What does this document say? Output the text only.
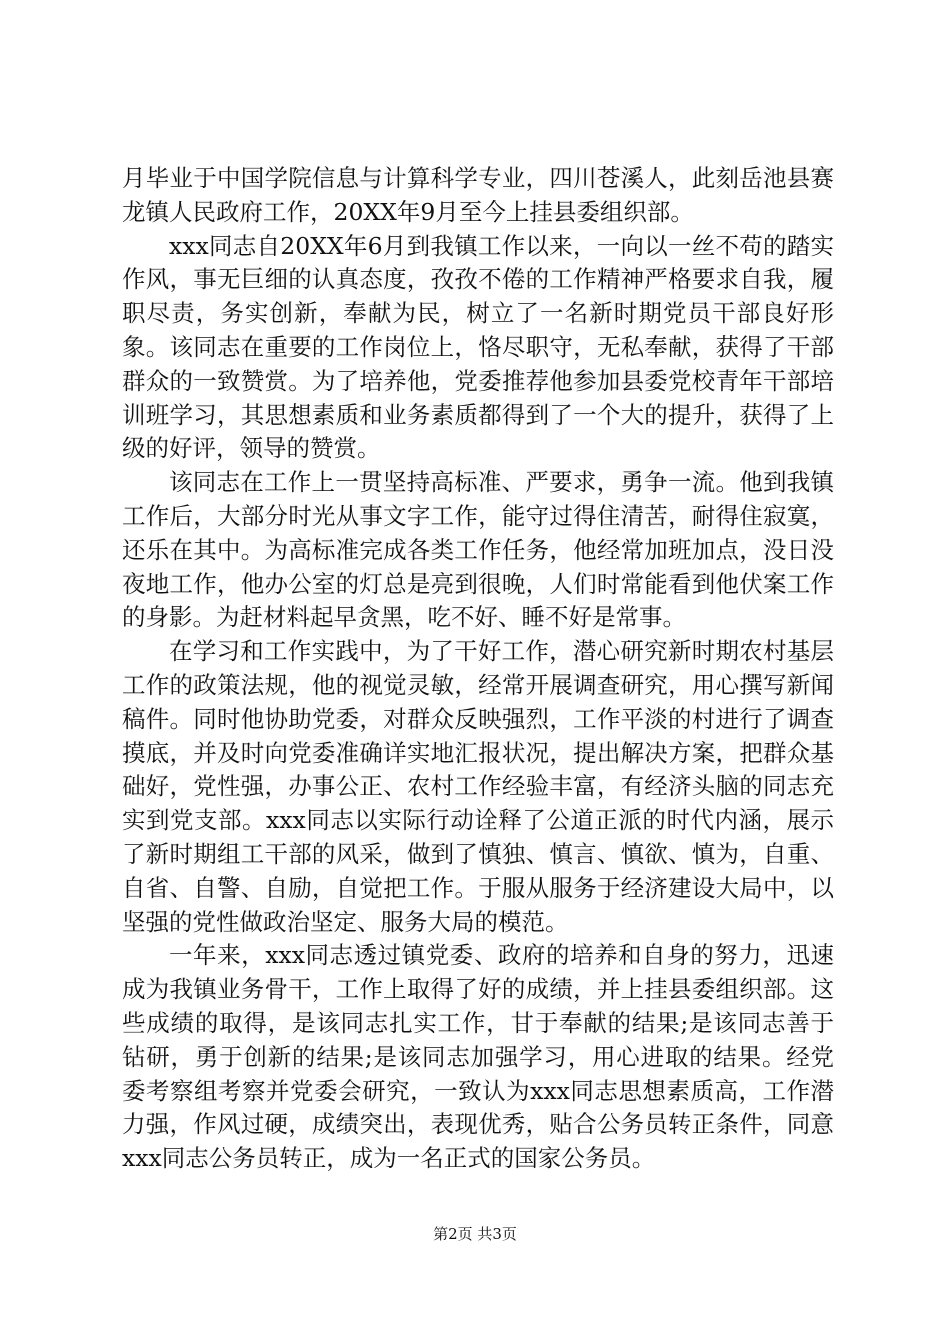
月毕业于中国学院信息与计算科学专业，四川苍溪人，此刻岳池县赛龙镇人民政府工作，20XX年9月至今上挂县委组织部。

xxx同志自20XX年6月到我镇工作以来，一向以一丝不苟的踏实作风，事无巨细的认真态度，孜孜不倦的工作精神严格要求自我，履职尽责，务实创新，奉献为民，树立了一名新时期党员干部良好形象。该同志在重要的工作岗位上，恪尽职守，无私奉献，获得了干部群众的一致赞赏。为了培养他，党委推荐他参加县委党校青年干部培训班学习，其思想素质和业务素质都得到了一个大的提升，获得了上级的好评，领导的赞赏。

该同志在工作上一贯坚持高标准、严要求，勇争一流。他到我镇工作后，大部分时光从事文字工作，能守过得住清苦，耐得住寂寞，还乐在其中。为高标准完成各类工作任务，他经常加班加点，没日没夜地工作，他办公室的灯总是亮到很晚，人们时常能看到他伏案工作的身影。为赶材料起早贪黑，吃不好、睡不好是常事。

在学习和工作实践中，为了干好工作，潜心研究新时期农村基层工作的政策法规，他的视觉灵敏，经常开展调查研究，用心撰写新闻稿件。同时他协助党委，对群众反映强烈，工作平淡的村进行了调查摸底，并及时向党委准确详实地汇报状况，提出解决方案，把群众基础好，党性强，办事公正、农村工作经验丰富，有经济头脑的同志充实到党支部。xxx同志以实际行动诠释了公道正派的时代内涵，展示了新时期组工干部的风采，做到了慎独、慎言、慎欲、慎为，自重、自省、自警、自励，自觉把工作。于服从服务于经济建设大局中，以坚强的党性做政治坚定、服务大局的模范。

一年来，xxx同志透过镇党委、政府的培养和自身的努力，迅速成为我镇业务骨干，工作上取得了好的成绩，并上挂县委组织部。这些成绩的取得，是该同志扎实工作，甘于奉献的结果;是该同志善于钻研，勇于创新的结果;是该同志加强学习，用心进取的结果。经党委考察组考察并党委会研究，一致认为xxx同志思想素质高，工作潜力强，作风过硬，成绩突出，表现优秀，贴合公务员转正条件，同意xxx同志公务员转正，成为一名正式的国家公务员。

第2页 共3页
